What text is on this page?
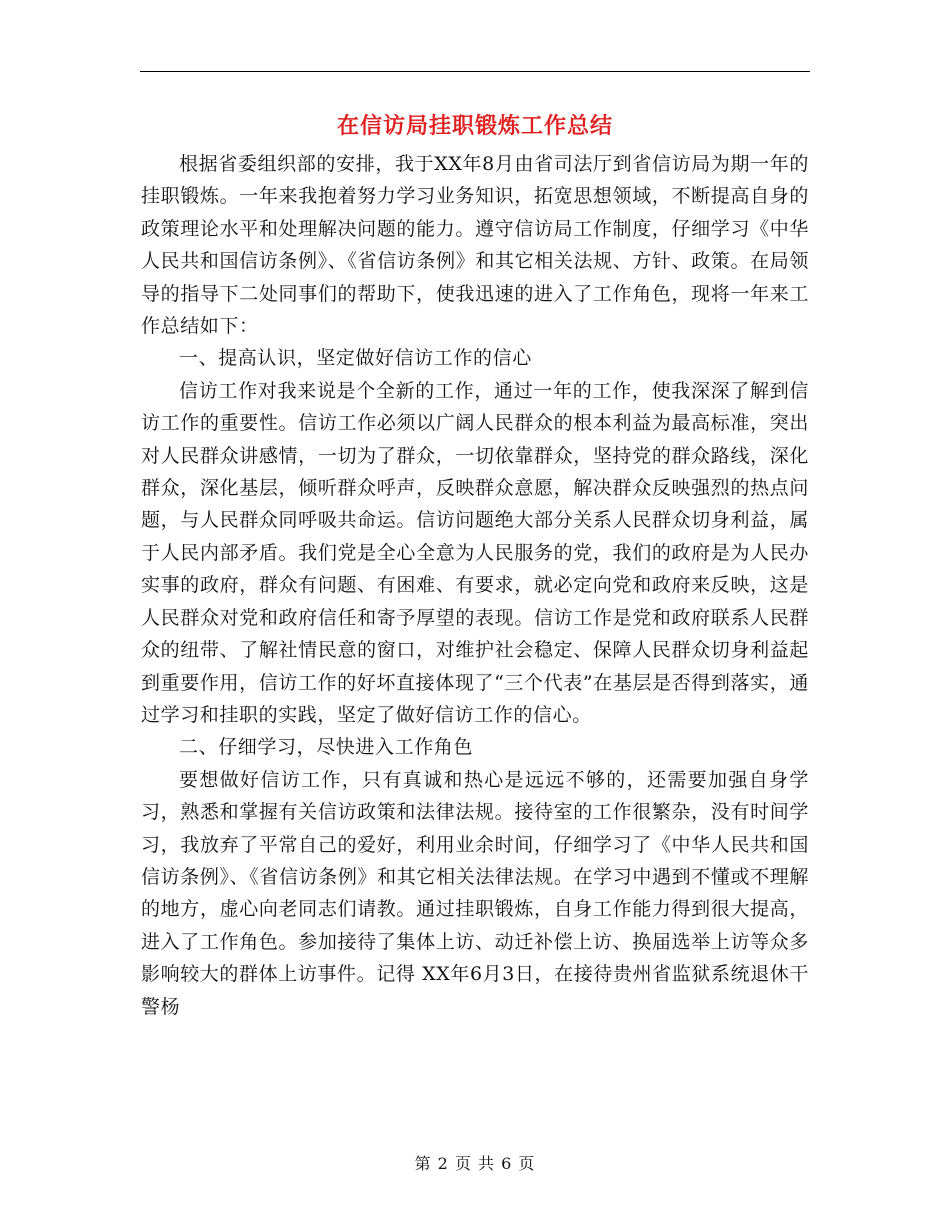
在信访局挂职锻炼工作总结

根据省委组织部的安排，我于XX年8月由省司法厅到省信访局为期一年的挂职锻炼。一年来我抱着努力学习业务知识，拓宽思想领域，不断提高自身的政策理论水平和处理解决问题的能力。遵守信访局工作制度，仔细学习《中华人民共和国信访条例》、《省信访条例》和其它相关法规、方针、政策。在局领导的指导下二处同事们的帮助下，使我迅速的进入了工作角色，现将一年来工作总结如下：

一、提高认识，坚定做好信访工作的信心

信访工作对我来说是个全新的工作，通过一年的工作，使我深深了解到信访工作的重要性。信访工作必须以广阔人民群众的根本利益为最高标准，突出对人民群众讲感情，一切为了群众，一切依靠群众，坚持党的群众路线，深化群众，深化基层，倾听群众呼声，反映群众意愿，解决群众反映强烈的热点问题，与人民群众同呼吸共命运。信访问题绝大部分关系人民群众切身利益，属于人民内部矛盾。我们党是全心全意为人民服务的党，我们的政府是为人民办实事的政府，群众有问题、有困难、有要求，就必定向党和政府来反映，这是人民群众对党和政府信任和寄予厚望的表现。信访工作是党和政府联系人民群众的纽带、了解社情民意的窗口，对维护社会稳定、保障人民群众切身利益起到重要作用，信访工作的好坏直接体现了“三个代表”在基层是否得到落实，通过学习和挂职的实践，坚定了做好信访工作的信心。

二、仔细学习，尽快进入工作角色

要想做好信访工作，只有真诚和热心是远远不够的，还需要加强自身学习，熟悉和掌握有关信访政策和法律法规。接待室的工作很繁杂，没有时间学习，我放弃了平常自己的爱好，利用业余时间，仔细学习了《中华人民共和国信访条例》、《省信访条例》和其它相关法律法规。在学习中遇到不懂或不理解的地方，虚心向老同志们请教。通过挂职锻炼，自身工作能力得到很大提高，进入了工作角色。参加接待了集体上访、动迁补偿上访、换届选举上访等众多影响较大的群体上访事件。记得 XX年6月3日，在接待贵州省监狱系统退休干警杨

第 2 页 共 6 页
